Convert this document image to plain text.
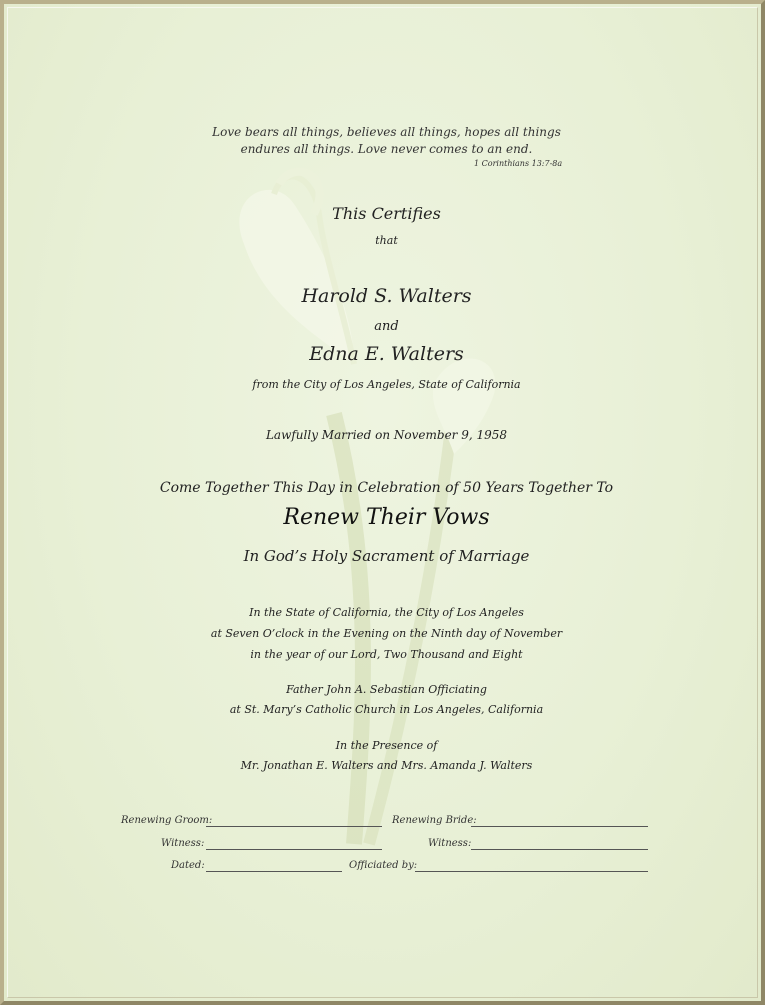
Love bears all things, believes all things, hopes all things
endures all things. Love never comes to an end.
1 Corinthians 13:7-8a
This Certifies
that
Harold S. Walters
and
Edna E. Walters
from the City of Los Angeles, State of California
Lawfully Married on November 9, 1958
Come Together This Day in Celebration of 50 Years Together To
Renew Their Vows
In God’s Holy Sacrament of Marriage
In the State of California, the City of Los Angeles
at Seven O’clock in the Evening on the Ninth day of November
in the year of our Lord, Two Thousand and Eight
Father John A. Sebastian Officiating
at St. Mary’s Catholic Church in Los Angeles, California
In the Presence of
Mr. Jonathan E. Walters and Mrs. Amanda J. Walters
Renewing Groom:	Renewing Bride:
Witness:	Witness:
Dated:	Officiated by:
